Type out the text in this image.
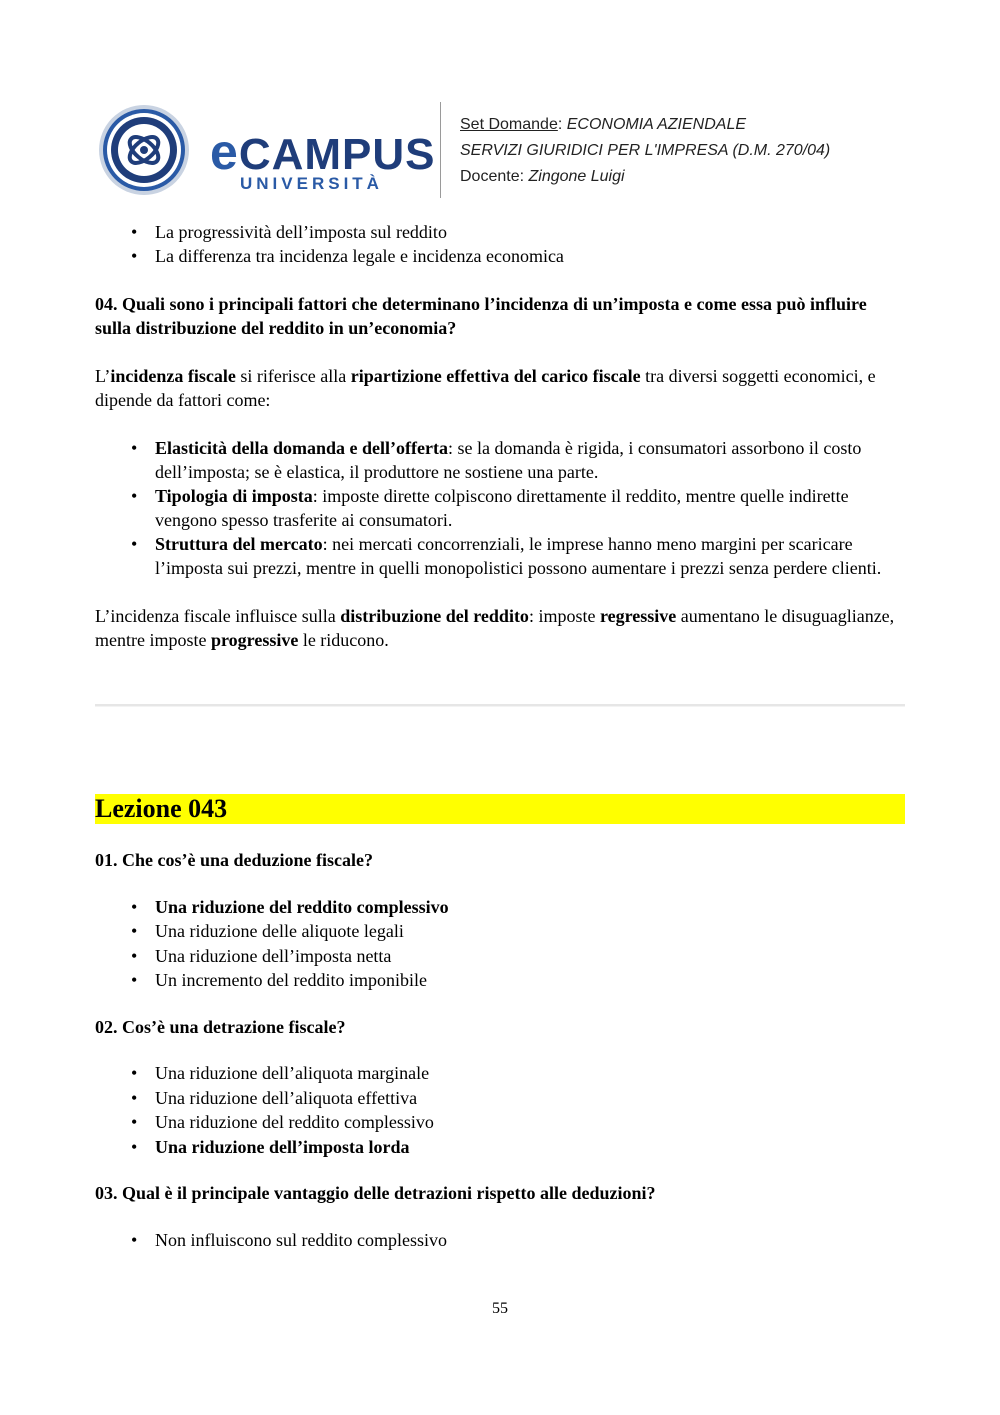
eCAMPUS
UNIVERSITÀ
Set Domande: ECONOMIA AZIENDALE
SERVIZI GIURIDICI PER L'IMPRESA (D.M. 270/04)
Docente: Zingone Luigi
• La progressività dell’imposta sul reddito
• La differenza tra incidenza legale e incidenza economica

04. Quali sono i principali fattori che determinano l’incidenza di un’imposta e come essa può influire sulla distribuzione del reddito in un’economia?

L’incidenza fiscale si riferisce alla ripartizione effettiva del carico fiscale tra diversi soggetti economici, e dipende da fattori come:

• Elasticità della domanda e dell’offerta: se la domanda è rigida, i consumatori assorbono il costo dell’imposta; se è elastica, il produttore ne sostiene una parte.
• Tipologia di imposta: imposte dirette colpiscono direttamente il reddito, mentre quelle indirette vengono spesso trasferite ai consumatori.
• Struttura del mercato: nei mercati concorrenziali, le imprese hanno meno margini per scaricare l’imposta sui prezzi, mentre in quelli monopolistici possono aumentare i prezzi senza perdere clienti.

L’incidenza fiscale influisce sulla distribuzione del reddito: imposte regressive aumentano le disuguaglianze, mentre imposte progressive le riducono.

Lezione 043

01. Che cos’è una deduzione fiscale?

• Una riduzione del reddito complessivo
• Una riduzione delle aliquote legali
• Una riduzione dell’imposta netta
• Un incremento del reddito imponibile

02. Cos’è una detrazione fiscale?

• Una riduzione dell’aliquota marginale
• Una riduzione dell’aliquota effettiva
• Una riduzione del reddito complessivo
• Una riduzione dell’imposta lorda

03. Qual è il principale vantaggio delle detrazioni rispetto alle deduzioni?

• Non influiscono sul reddito complessivo
55
